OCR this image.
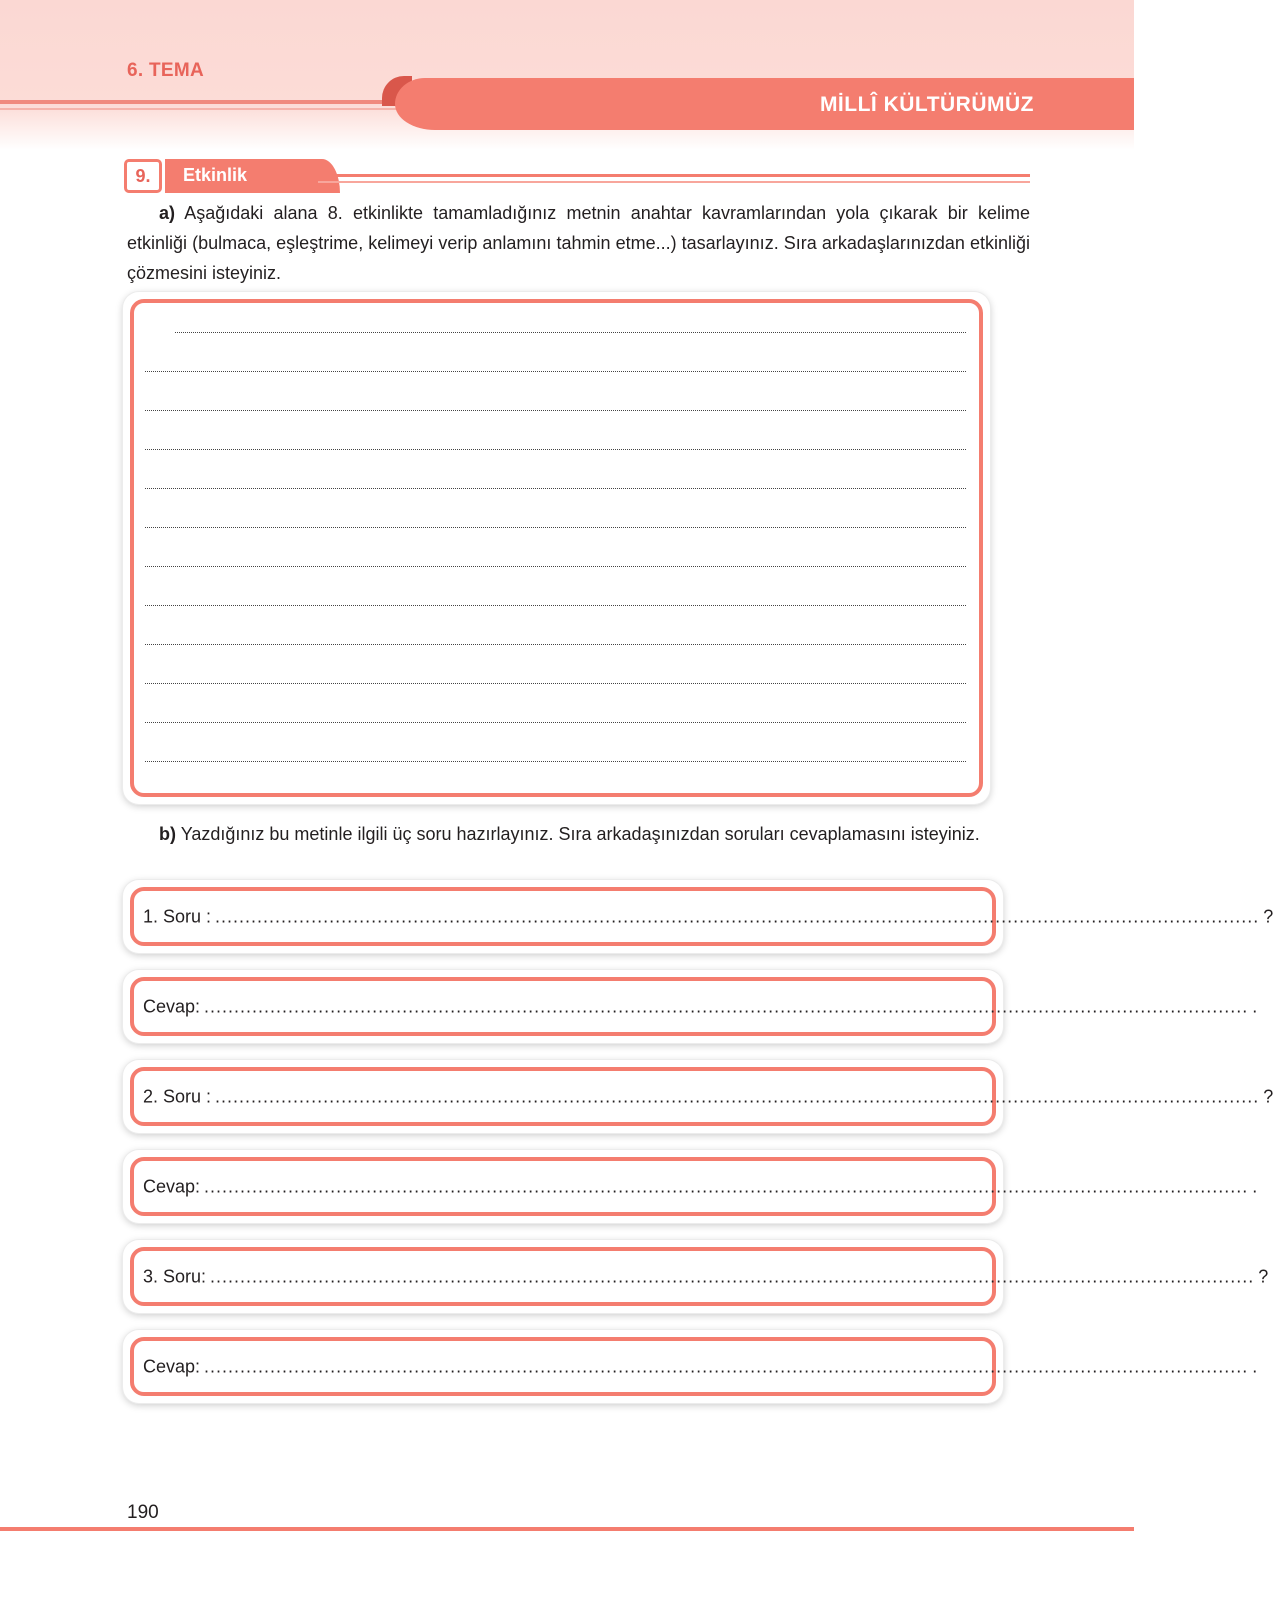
6. TEMA
MİLLÎ KÜLTÜRÜMÜZ
9.	Etkinlik
a) Aşağıdaki alana 8. etkinlikte tamamladığınız metnin anahtar kavramlarından yola çıkarak bir kelime etkinliği (bulmaca, eşleştrime, kelimeyi verip anlamını tahmin etme...) tasarlayınız. Sıra arkadaşlarınızdan etkinliği çözmesini isteyiniz.
b) Yazdığınız bu metinle ilgili üç soru hazırlayınız. Sıra arkadaşınızdan soruları cevaplamasını isteyiniz.
1. Soru : .............................................................................................................................................................................. ?
Cevap: .............................................................................................................................................................................. .
2. Soru : .............................................................................................................................................................................. ?
Cevap: .............................................................................................................................................................................. .
3. Soru: .............................................................................................................................................................................. ?
Cevap: .............................................................................................................................................................................. .
190
